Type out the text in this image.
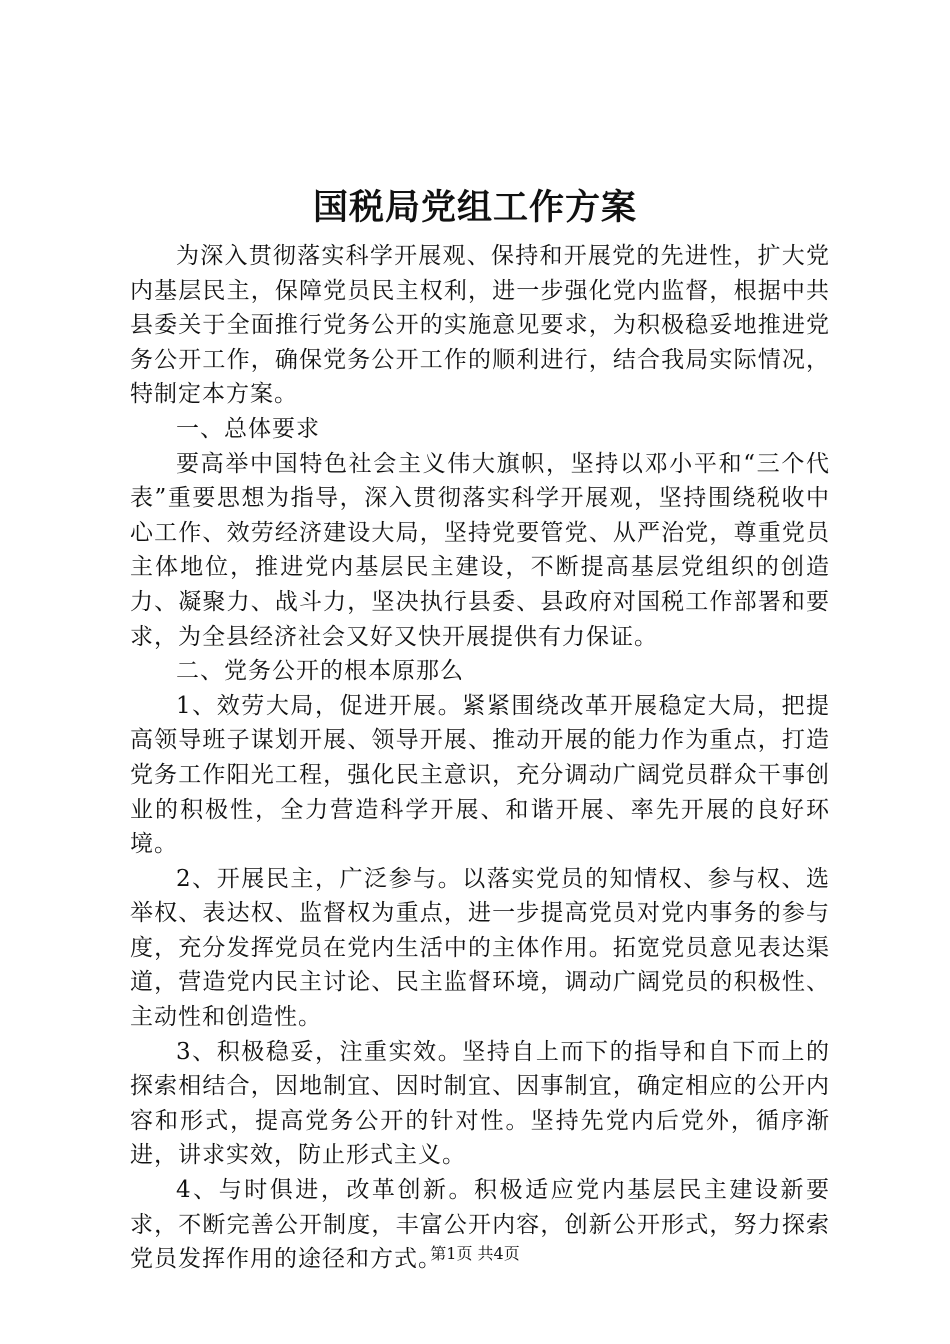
国税局党组工作方案

为深入贯彻落实科学开展观、保持和开展党的先进性，扩大党内基层民主，保障党员民主权利，进一步强化党内监督，根据中共县委关于全面推行党务公开的实施意见要求，为积极稳妥地推进党务公开工作，确保党务公开工作的顺利进行，结合我局实际情况，特制定本方案。

一、总体要求

要高举中国特色社会主义伟大旗帜，坚持以邓小平和“三个代表”重要思想为指导，深入贯彻落实科学开展观，坚持围绕税收中心工作、效劳经济建设大局，坚持党要管党、从严治党，尊重党员主体地位，推进党内基层民主建设，不断提高基层党组织的创造力、凝聚力、战斗力，坚决执行县委、县政府对国税工作部署和要求，为全县经济社会又好又快开展提供有力保证。

二、党务公开的根本原那么

1、效劳大局，促进开展。紧紧围绕改革开展稳定大局，把提高领导班子谋划开展、领导开展、推动开展的能力作为重点，打造党务工作阳光工程，强化民主意识，充分调动广阔党员群众干事创业的积极性，全力营造科学开展、和谐开展、率先开展的良好环境。

2、开展民主，广泛参与。以落实党员的知情权、参与权、选举权、表达权、监督权为重点，进一步提高党员对党内事务的参与度，充分发挥党员在党内生活中的主体作用。拓宽党员意见表达渠道，营造党内民主讨论、民主监督环境，调动广阔党员的积极性、主动性和创造性。

3、积极稳妥，注重实效。坚持自上而下的指导和自下而上的探索相结合，因地制宜、因时制宜、因事制宜，确定相应的公开内容和形式，提高党务公开的针对性。坚持先党内后党外，循序渐进，讲求实效，防止形式主义。

4、与时俱进，改革创新。积极适应党内基层民主建设新要求，不断完善公开制度，丰富公开内容，创新公开形式，努力探索党员发挥作用的途径和方式。

第1页 共4页
